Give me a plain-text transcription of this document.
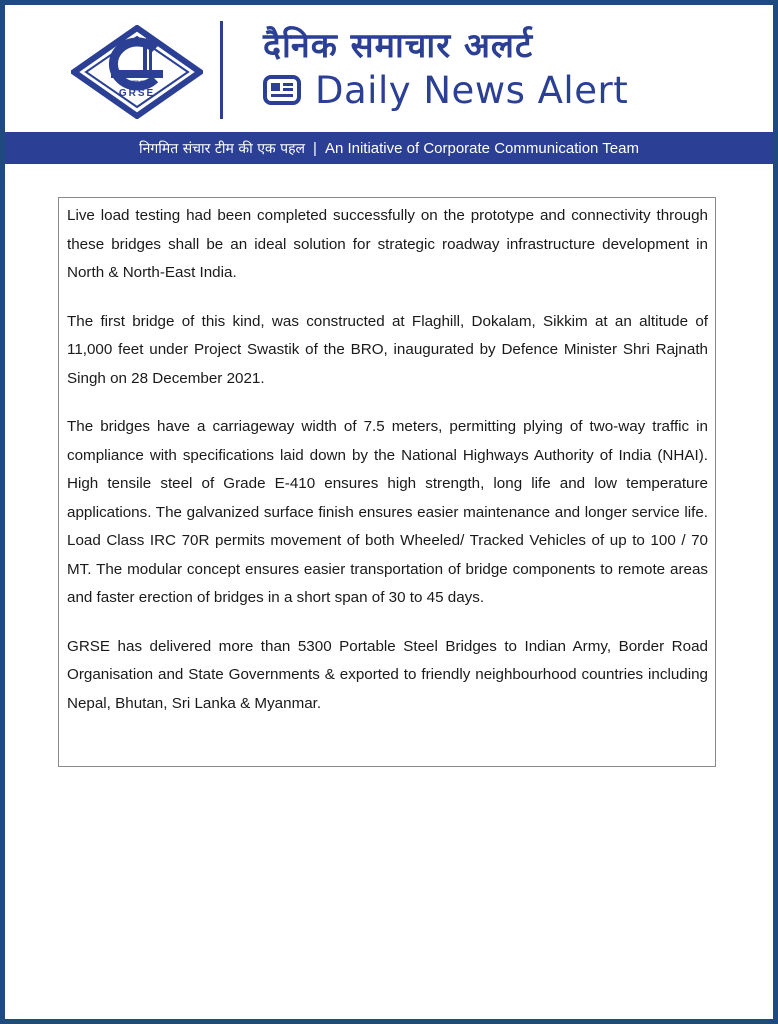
जी आर एस ई
GRSE
दैनिक समाचार अलर्ट
Daily News Alert
निगमित संचार टीम की एक पहल | An Initiative of Corporate Communication Team

Live load testing had been completed successfully on the prototype and connectivity through these bridges shall be an ideal solution for strategic roadway infrastructure development in North & North-East India.

The first bridge of this kind, was constructed at Flaghill, Dokalam, Sikkim at an altitude of 11,000 feet under Project Swastik of the BRO, inaugurated by Defence Minister Shri Rajnath Singh on 28 December 2021.

The bridges have a carriageway width of 7.5 meters, permitting plying of two-way traffic in compliance with specifications laid down by the National Highways Authority of India (NHAI). High tensile steel of Grade E-410 ensures high strength, long life and low temperature applications. The galvanized surface finish ensures easier maintenance and longer service life. Load Class IRC 70R permits movement of both Wheeled/ Tracked Vehicles of up to 100 / 70 MT. The modular concept ensures easier transportation of bridge components to remote areas and faster erection of bridges in a short span of 30 to 45 days.

GRSE has delivered more than 5300 Portable Steel Bridges to Indian Army, Border Road Organisation and State Governments & exported to friendly neighbourhood countries including Nepal, Bhutan, Sri Lanka & Myanmar.
